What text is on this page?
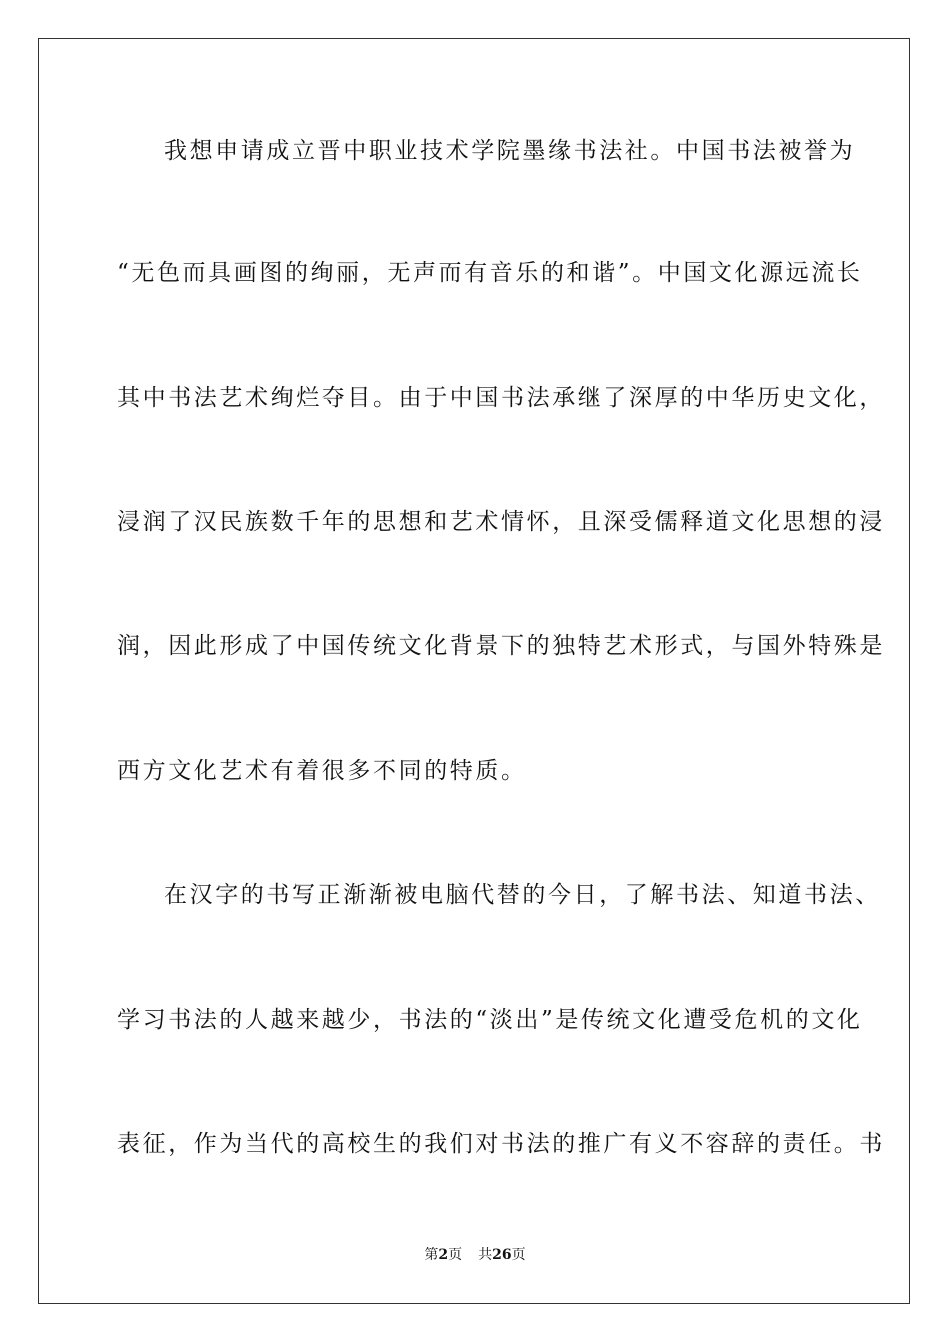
我想申请成立晋中职业技术学院墨缘书法社。中国书法被誉为
“无色而具画图的绚丽，无声而有音乐的和谐”。中国文化源远流长
其中书法艺术绚烂夺目。由于中国书法承继了深厚的中华历史文化，
浸润了汉民族数千年的思想和艺术情怀，且深受儒释道文化思想的浸
润，因此形成了中国传统文化背景下的独特艺术形式，与国外特殊是
西方文化艺术有着很多不同的特质。
在汉字的书写正渐渐被电脑代替的今日，了解书法、知道书法、
学习书法的人越来越少，书法的“淡出”是传统文化遭受危机的文化
表征，作为当代的高校生的我们对书法的推广有义不容辞的责任。书
第2页 共26页
